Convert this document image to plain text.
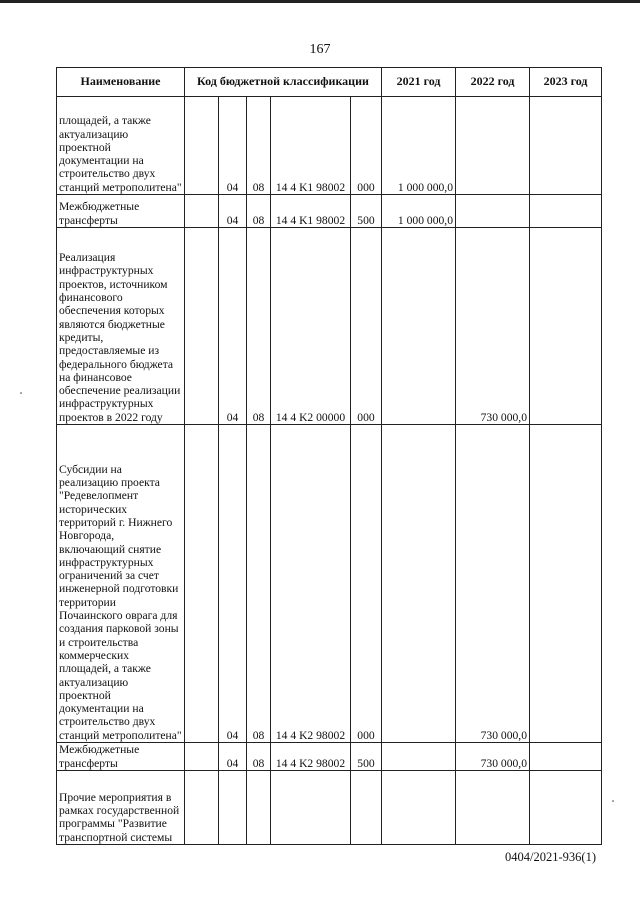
167
Наименование	Код бюджетной классификации					2021 год	2022 год	2023 год
площадей, а также актуализацию проектной документации на строительство двух станций метрополитена"		04	08	14 4 K1 98002	000	1 000 000,0		
Межбюджетные трансферты		04	08	14 4 K1 98002	500	1 000 000,0		
Реализация инфраструктурных проектов, источником финансового обеспечения которых являются бюджетные кредиты, предоставляемые из федерального бюджета на финансовое обеспечение реализации инфраструктурных проектов в 2022 году		04	08	14 4 K2 00000	000		730 000,0	
Субсидии на реализацию проекта "Редевелопмент исторических территорий г. Нижнего Новгорода, включающий снятие инфраструктурных ограничений за счет инженерной подготовки территории Почаинского оврага для создания парковой зоны и строительства коммерческих площадей, а также актуализацию проектной документации на строительство двух станций метрополитена"		04	08	14 4 K2 98002	000		730 000,0	
Межбюджетные трансферты		04	08	14 4 K2 98002	500		730 000,0	
Прочие мероприятия в рамках государственной программы "Развитие транспортной системы								
0404/2021-936(1)
